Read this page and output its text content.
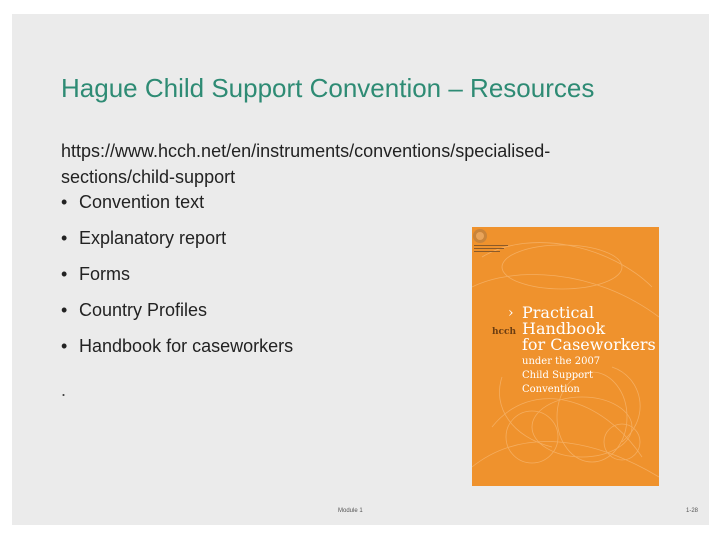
Hague Child Support Convention – Resources
https://www.hcch.net/en/instruments/conventions/specialised-sections/child-support
• Convention text
• Explanatory report
• Forms
• Country Profiles
• Handbook for caseworkers
.
hcch
› Practical
Handbook
for Caseworkers
under the 2007
Child Support
Convention
Module 1	1-28
